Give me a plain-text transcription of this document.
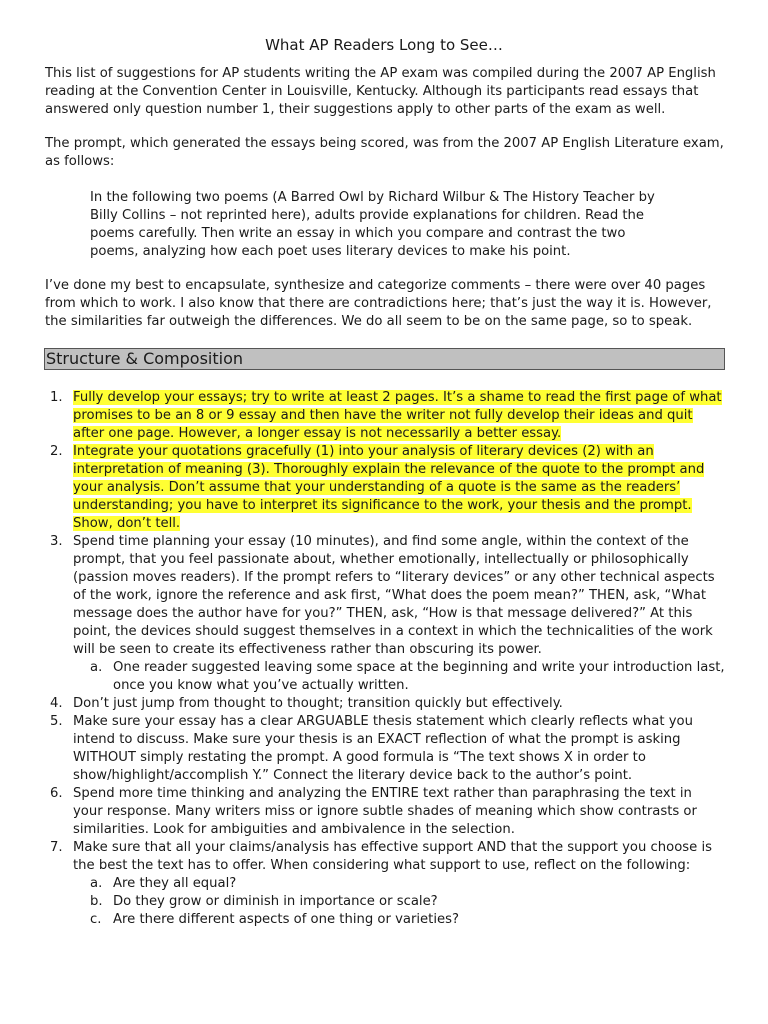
What AP Readers Long to See…

This list of suggestions for AP students writing the AP exam was compiled during the 2007 AP English reading at the Convention Center in Louisville, Kentucky. Although its participants read essays that answered only question number 1, their suggestions apply to other parts of the exam as well.

The prompt, which generated the essays being scored, was from the 2007 AP English Literature exam, as follows:

In the following two poems (A Barred Owl by Richard Wilbur & The History Teacher by Billy Collins – not reprinted here), adults provide explanations for children. Read the poems carefully. Then write an essay in which you compare and contrast the two poems, analyzing how each poet uses literary devices to make his point.

I’ve done my best to encapsulate, synthesize and categorize comments – there were over 40 pages from which to work. I also know that there are contradictions here; that’s just the way it is. However, the similarities far outweigh the differences. We do all seem to be on the same page, so to speak.

Structure & Composition
1. Fully develop your essays; try to write at least 2 pages. It’s a shame to read the first page of what promises to be an 8 or 9 essay and then have the writer not fully develop their ideas and quit after one page. However, a longer essay is not necessarily a better essay.
2. Integrate your quotations gracefully (1) into your analysis of literary devices (2) with an interpretation of meaning (3). Thoroughly explain the relevance of the quote to the prompt and your analysis. Don’t assume that your understanding of a quote is the same as the readers’ understanding; you have to interpret its significance to the work, your thesis and the prompt. Show, don’t tell.
3. Spend time planning your essay (10 minutes), and find some angle, within the context of the prompt, that you feel passionate about, whether emotionally, intellectually or philosophically (passion moves readers). If the prompt refers to “literary devices” or any other technical aspects of the work, ignore the reference and ask first, “What does the poem mean?” THEN, ask, “What message does the author have for you?” THEN, ask, “How is that message delivered?” At this point, the devices should suggest themselves in a context in which the technicalities of the work will be seen to create its effectiveness rather than obscuring its power.
a. One reader suggested leaving some space at the beginning and write your introduction last, once you know what you’ve actually written.
4. Don’t just jump from thought to thought; transition quickly but effectively.
5. Make sure your essay has a clear ARGUABLE thesis statement which clearly reflects what you intend to discuss. Make sure your thesis is an EXACT reflection of what the prompt is asking WITHOUT simply restating the prompt. A good formula is “The text shows X in order to show/highlight/accomplish Y.” Connect the literary device back to the author’s point.
6. Spend more time thinking and analyzing the ENTIRE text rather than paraphrasing the text in your response. Many writers miss or ignore subtle shades of meaning which show contrasts or similarities. Look for ambiguities and ambivalence in the selection.
7. Make sure that all your claims/analysis has effective support AND that the support you choose is the best the text has to offer. When considering what support to use, reflect on the following:
a. Are they all equal?
b. Do they grow or diminish in importance or scale?
c. Are there different aspects of one thing or varieties?
